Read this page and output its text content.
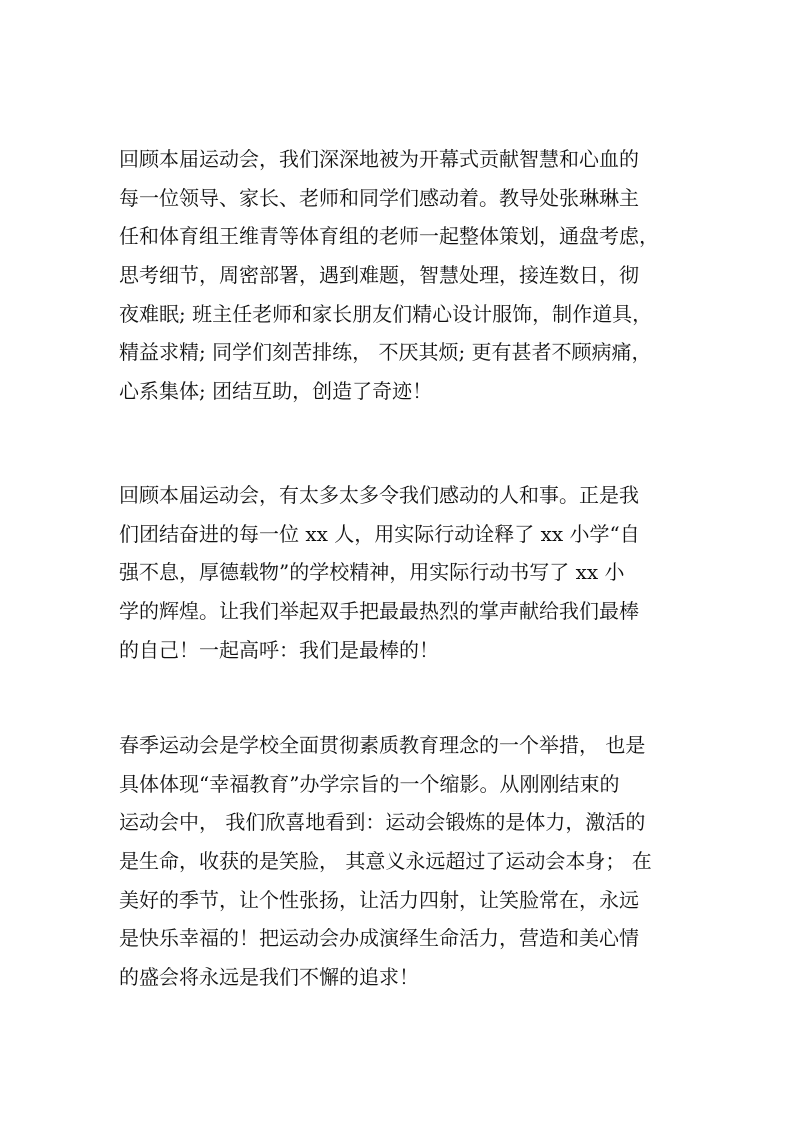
回顾本届运动会，我们深深地被为开幕式贡献智慧和心血的
每一位领导、家长、老师和同学们感动着。教导处张琳琳主
任和体育组王维青等体育组的老师一起整体策划，通盘考虑，
思考细节，周密部署，遇到难题，智慧处理，接连数日，彻
夜难眠; 班主任老师和家长朋友们精心设计服饰，制作道具，
精益求精; 同学们刻苦排练， 不厌其烦; 更有甚者不顾病痛，
心系集体; 团结互助，创造了奇迹！

回顾本届运动会，有太多太多令我们感动的人和事。正是我
们团结奋进的每一位 xx 人，用实际行动诠释了 xx 小学“自
强不息，厚德载物”的学校精神，用实际行动书写了 xx 小
学的辉煌。让我们举起双手把最最热烈的掌声献给我们最棒
的自己！一起高呼：我们是最棒的！

春季运动会是学校全面贯彻素质教育理念的一个举措， 也是
具体体现“幸福教育”办学宗旨的一个缩影。从刚刚结束的
运动会中， 我们欣喜地看到：运动会锻炼的是体力，激活的
是生命，收获的是笑脸， 其意义永远超过了运动会本身； 在
美好的季节，让个性张扬，让活力四射，让笑脸常在，永远
是快乐幸福的！把运动会办成演绎生命活力，营造和美心情
的盛会将永远是我们不懈的追求！
